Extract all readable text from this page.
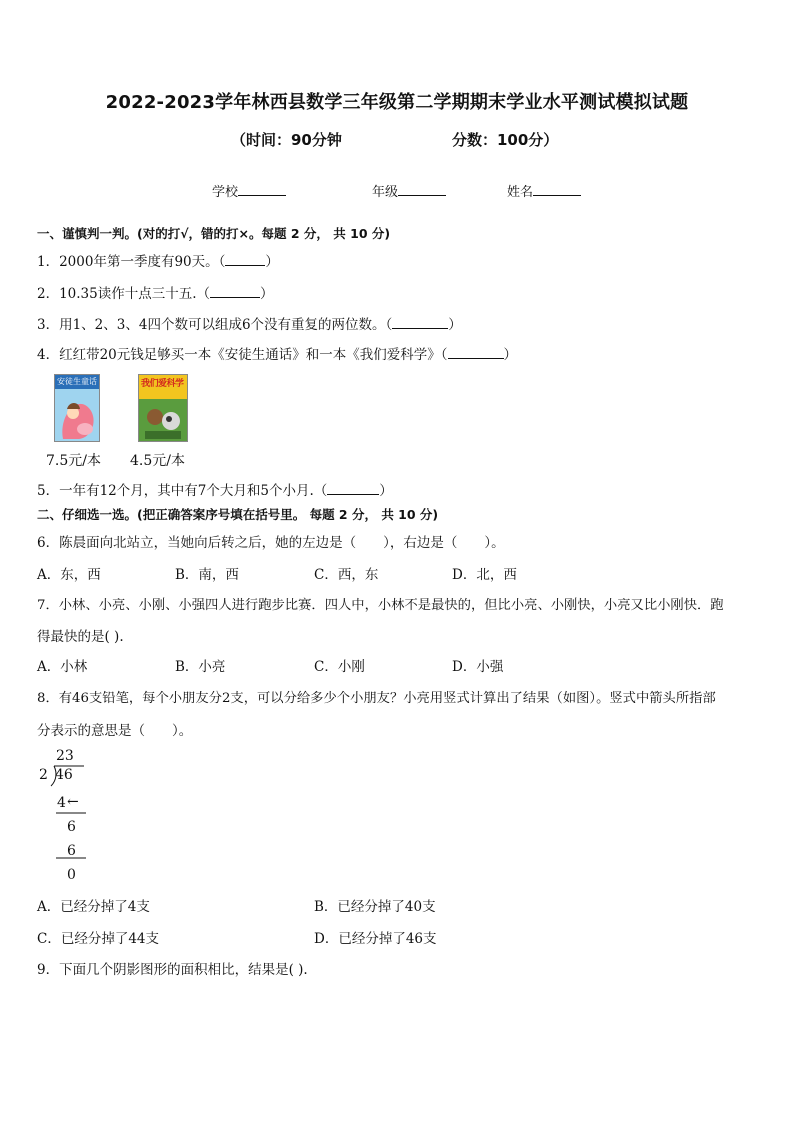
2022-2023学年林西县数学三年级第二学期期末学业水平测试模拟试题
（时间：90分钟	分数：100分）
学校	年级	姓名
一、谨慎判一判。(对的打√，错的打×。每题 2 分， 共 10 分)
1．2000年第一季度有90天。（	）
2．10.35读作十点三十五.（	）
3．用1、2、3、4四个数可以组成6个没有重复的两位数。（	）
4．红红带20元钱足够买一本《安徒生通话》和一本《我们爱科学》（	）
安徒生童话	我们爱科学
7.5元/本 4.5元/本
5．一年有12个月，其中有7个大月和5个小月.（	）
二、仔细选一选。(把正确答案序号填在括号里。 每题 2 分， 共 10 分)
6．陈晨面向北站立，当她向后转之后，她的左边是（　　），右边是（　　）。
A．东，西	B．南，西	C．西，东	D．北，西
7．小林、小亮、小刚、小强四人进行跑步比赛．四人中，小林不是最快的，但比小亮、小刚快，小亮又比小刚快．跑
得最快的是( ).
A．小林	B．小亮	C．小刚	D．小强
8．有46支铅笔，每个小朋友分2支，可以分给多少个小朋友？小亮用竖式计算出了结果（如图）。竖式中箭头所指部
分表示的意思是（　　）。
23
2 46
4 ←
6
6
0
A．已经分掉了4支	B．已经分掉了40支
C．已经分掉了44支	D．已经分掉了46支
9．下面几个阴影图形的面积相比，结果是( ).
